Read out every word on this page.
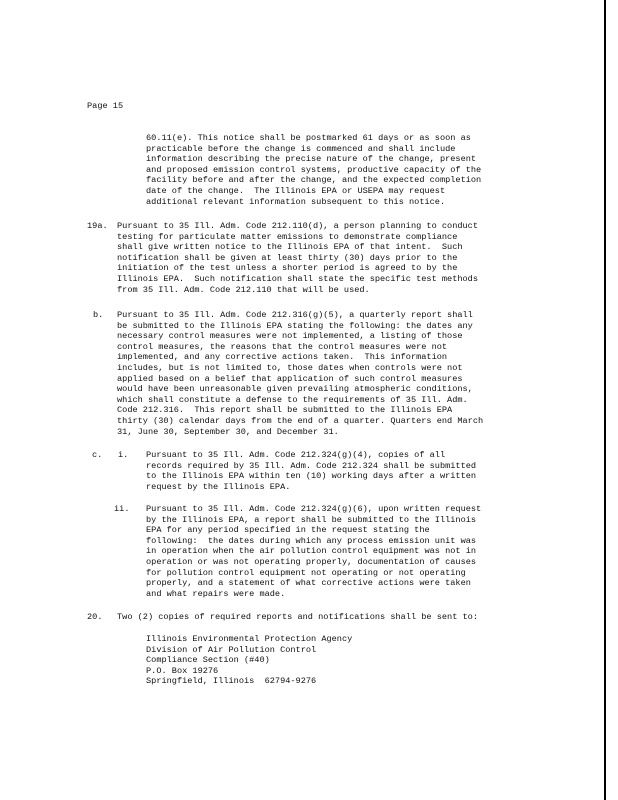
Page 15
60.11(e). This notice shall be postmarked 61 days or as soon as
practicable before the change is commenced and shall include
information describing the precise nature of the change, present
and proposed emission control systems, productive capacity of the
facility before and after the change, and the expected completion
date of the change.  The Illinois EPA or USEPA may request
additional relevant information subsequent to this notice.
19a. Pursuant to 35 Ill. Adm. Code 212.110(d), a person planning to conduct
testing for particulate matter emissions to demonstrate compliance
shall give written notice to the Illinois EPA of that intent.  Such
notification shall be given at least thirty (30) days prior to the
initiation of the test unless a shorter period is agreed to by the
Illinois EPA.  Such notification shall state the specific test methods
from 35 Ill. Adm. Code 212.110 that will be used.
b. Pursuant to 35 Ill. Adm. Code 212.316(g)(5), a quarterly report shall
be submitted to the Illinois EPA stating the following: the dates any
necessary control measures were not implemented, a listing of those
control measures, the reasons that the control measures were not
implemented, and any corrective actions taken.  This information
includes, but is not limited to, those dates when controls were not
applied based on a belief that application of such control measures
would have been unreasonable given prevailing atmospheric conditions,
which shall constitute a defense to the requirements of 35 Ill. Adm.
Code 212.316.  This report shall be submitted to the Illinois EPA
thirty (30) calendar days from the end of a quarter. Quarters end March
31, June 30, September 30, and December 31.
c. i. Pursuant to 35 Ill. Adm. Code 212.324(g)(4), copies of all
records required by 35 Ill. Adm. Code 212.324 shall be submitted
to the Illinois EPA within ten (10) working days after a written
request by the Illinois EPA.
ii. Pursuant to 35 Ill. Adm. Code 212.324(g)(6), upon written request
by the Illinois EPA, a report shall be submitted to the Illinois
EPA for any period specified in the request stating the
following:  the dates during which any process emission unit was
in operation when the air pollution control equipment was not in
operation or was not operating properly, documentation of causes
for pollution control equipment not operating or not operating
properly, and a statement of what corrective actions were taken
and what repairs were made.
20. Two (2) copies of required reports and notifications shall be sent to:
Illinois Environmental Protection Agency
Division of Air Pollution Control
Compliance Section (#40)
P.O. Box 19276
Springfield, Illinois  62794-9276
